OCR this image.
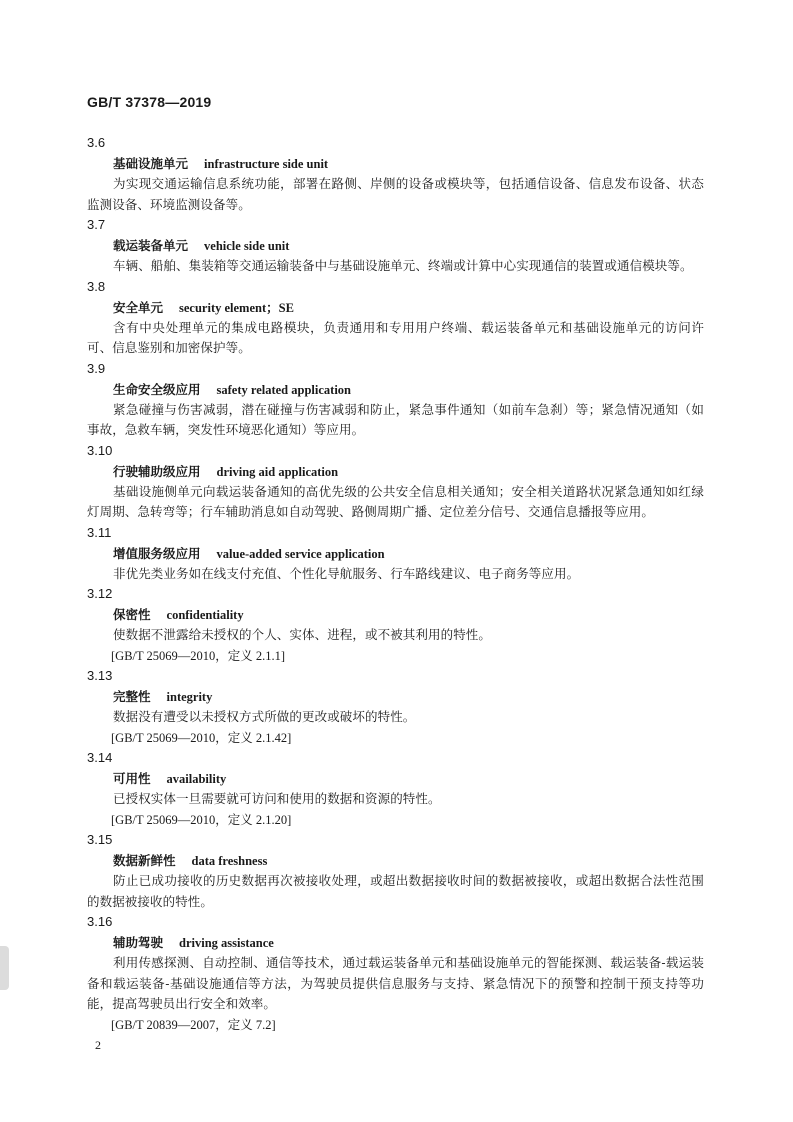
GB/T 37378—2019
3.6
基础设施单元 infrastructure side unit
为实现交通运输信息系统功能，部署在路侧、岸侧的设备或模块等，包括通信设备、信息发布设备、状态监测设备、环境监测设备等。
3.7
载运装备单元 vehicle side unit
车辆、船舶、集装箱等交通运输装备中与基础设施单元、终端或计算中心实现通信的装置或通信模块等。
3.8
安全单元 security element；SE
含有中央处理单元的集成电路模块，负责通用和专用用户终端、载运装备单元和基础设施单元的访问许可、信息鉴别和加密保护等。
3.9
生命安全级应用 safety related application
紧急碰撞与伤害减弱，潜在碰撞与伤害减弱和防止，紧急事件通知（如前车急刹）等；紧急情况通知（如事故，急救车辆，突发性环境恶化通知）等应用。
3.10
行驶辅助级应用 driving aid application
基础设施侧单元向载运装备通知的高优先级的公共安全信息相关通知；安全相关道路状况紧急通知如红绿灯周期、急转弯等；行车辅助消息如自动驾驶、路侧周期广播、定位差分信号、交通信息播报等应用。
3.11
增值服务级应用 value-added service application
非优先类业务如在线支付充值、个性化导航服务、行车路线建议、电子商务等应用。
3.12
保密性 confidentiality
使数据不泄露给未授权的个人、实体、进程，或不被其利用的特性。
[GB/T 25069—2010，定义 2.1.1]
3.13
完整性 integrity
数据没有遭受以未授权方式所做的更改或破坏的特性。
[GB/T 25069—2010，定义 2.1.42]
3.14
可用性 availability
已授权实体一旦需要就可访问和使用的数据和资源的特性。
[GB/T 25069—2010，定义 2.1.20]
3.15
数据新鲜性 data freshness
防止已成功接收的历史数据再次被接收处理，或超出数据接收时间的数据被接收，或超出数据合法性范围的数据被接收的特性。
3.16
辅助驾驶 driving assistance
利用传感探测、自动控制、通信等技术，通过载运装备单元和基础设施单元的智能探测、载运装备-载运装备和载运装备-基础设施通信等方法，为驾驶员提供信息服务与支持、紧急情况下的预警和控制干预支持等功能，提高驾驶员出行安全和效率。
[GB/T 20839—2007，定义 7.2]
2
